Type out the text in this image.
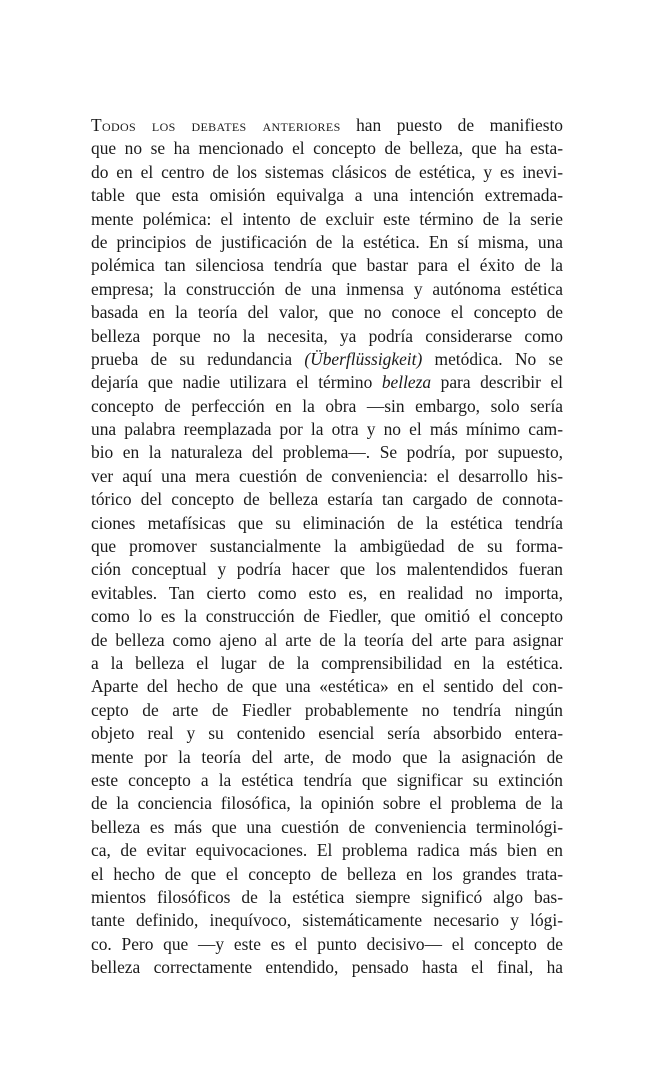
Todos los debates anteriores han puesto de manifiesto
que no se ha mencionado el concepto de belleza, que ha esta-
do en el centro de los sistemas clásicos de estética, y es inevi-
table que esta omisión equivalga a una intención extremada-
mente polémica: el intento de excluir este término de la serie
de principios de justificación de la estética. En sí misma, una
polémica tan silenciosa tendría que bastar para el éxito de la
empresa; la construcción de una inmensa y autónoma estética
basada en la teoría del valor, que no conoce el concepto de
belleza porque no la necesita, ya podría considerarse como
prueba de su redundancia (Überflüssigkeit) metódica. No se
dejaría que nadie utilizara el término belleza para describir el
concepto de perfección en la obra —sin embargo, solo sería
una palabra reemplazada por la otra y no el más mínimo cam-
bio en la naturaleza del problema—. Se podría, por supuesto,
ver aquí una mera cuestión de conveniencia: el desarrollo his-
tórico del concepto de belleza estaría tan cargado de connota-
ciones metafísicas que su eliminación de la estética tendría
que promover sustancialmente la ambigüedad de su forma-
ción conceptual y podría hacer que los malentendidos fueran
evitables. Tan cierto como esto es, en realidad no importa,
como lo es la construcción de Fiedler, que omitió el concepto
de belleza como ajeno al arte de la teoría del arte para asignar
a la belleza el lugar de la comprensibilidad en la estética.
Aparte del hecho de que una «estética» en el sentido del con-
cepto de arte de Fiedler probablemente no tendría ningún
objeto real y su contenido esencial sería absorbido entera-
mente por la teoría del arte, de modo que la asignación de
este concepto a la estética tendría que significar su extinción
de la conciencia filosófica, la opinión sobre el problema de la
belleza es más que una cuestión de conveniencia terminológi-
ca, de evitar equivocaciones. El problema radica más bien en
el hecho de que el concepto de belleza en los grandes trata-
mientos filosóficos de la estética siempre significó algo bas-
tante definido, inequívoco, sistemáticamente necesario y lógi-
co. Pero que —y este es el punto decisivo— el concepto de
belleza correctamente entendido, pensado hasta el final, ha
